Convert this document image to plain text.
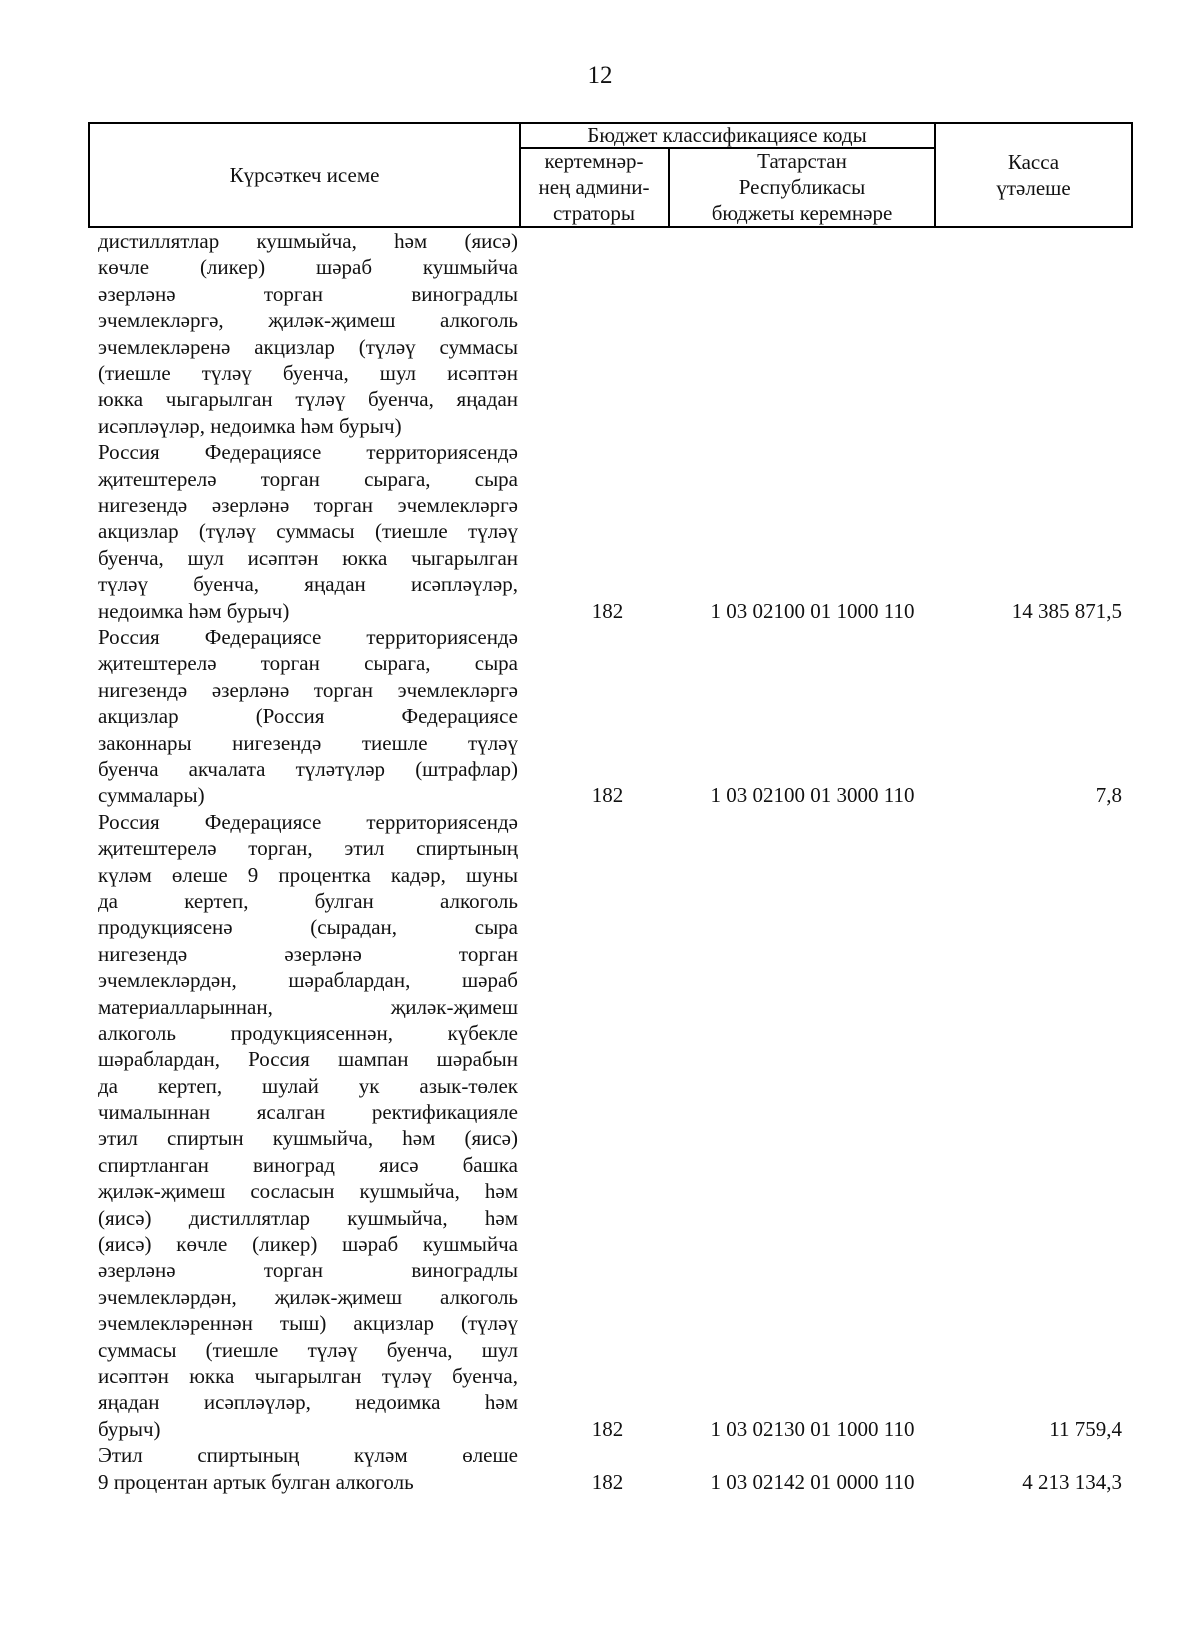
12
Күрсәткеч исеме
Бюджет классификациясе коды
кертемнәр-
нең админи-
страторы
Татарстан
Республикасы
бюджеты керемнәре
Касса
үтәлеше
дистиллятлар кушмыйча, һәм (яисә)
көчле (ликер) шәраб кушмыйча
әзерләнә торган виноградлы
эчемлекләргә, җиләк-җимеш алкоголь
эчемлекләренә акцизлар (түләү суммасы
(тиешле түләү буенча, шул исәптән
юкка чыгарылган түләү буенча, яңадан
исәпләүләр, недоимка һәм бурыч)
Россия Федерациясе территориясендә
җитештерелә торган сырага, сыра
нигезендә әзерләнә торган эчемлекләргә
акцизлар (түләү суммасы (тиешле түләү
буенча, шул исәптән юкка чыгарылган
түләү буенча, яңадан исәпләүләр,
недоимка һәм бурыч)	182	1 03 02100 01 1000 110	14 385 871,5
Россия Федерациясе территориясендә
җитештерелә торган сырага, сыра
нигезендә әзерләнә торган эчемлекләргә
акцизлар (Россия Федерациясе
законнары нигезендә тиешле түләү
буенча акчалата түләтүләр (штрафлар)
суммалары)	182	1 03 02100 01 3000 110	7,8
Россия Федерациясе территориясендә
җитештерелә торган, этил спиртының
күләм өлеше 9 процентка кадәр, шуны
да кертеп, булган алкоголь
продукциясенә (сырадан, сыра
нигезендә әзерләнә торган
эчемлекләрдән, шәраблардан, шәраб
материалларыннан, җиләк-җимеш
алкоголь продукциясеннән, күбекле
шәраблардан, Россия шампан шәрабын
да кертеп, шулай ук азык-төлек
чималыннан ясалган ректификацияле
этил спиртын кушмыйча, һәм (яисә)
спиртланган виноград яисә башка
җиләк-җимеш сосласын кушмыйча, һәм
(яисә) дистиллятлар кушмыйча, һәм
(яисә) көчле (ликер) шәраб кушмыйча
әзерләнә торган виноградлы
эчемлекләрдән, җиләк-җимеш алкоголь
эчемлекләреннән тыш) акцизлар (түләү
суммасы (тиешле түләү буенча, шул
исәптән юкка чыгарылган түләү буенча,
яңадан исәпләүләр, недоимка һәм
бурыч)	182	1 03 02130 01 1000 110	11 759,4
Этил спиртының күләм өлеше
9 процентан артык булган алкоголь	182	1 03 02142 01 0000 110	4 213 134,3
